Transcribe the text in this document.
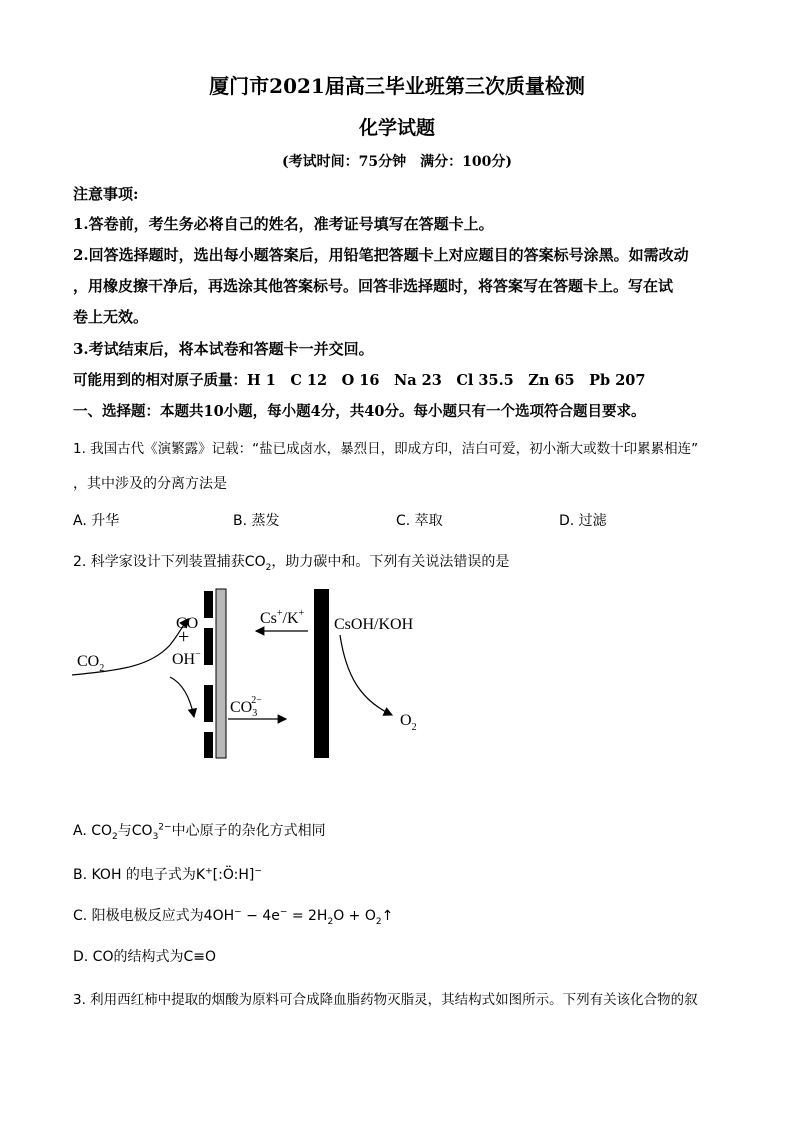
厦门市2021届高三毕业班第三次质量检测
化学试题
(考试时间：75分钟　满分：100分)
注意事项:
1.答卷前，考生务必将自己的姓名，准考证号填写在答题卡上。
2.回答选择题时，选出每小题答案后，用铅笔把答题卡上对应题目的答案标号涂黑。如需改动
，用橡皮擦干净后，再选涂其他答案标号。回答非选择题时，将答案写在答题卡上。写在试
卷上无效。
3.考试结束后，将本试卷和答题卡一并交回。
可能用到的相对原子质量：H 1　C 12　O 16　Na 23　Cl 35.5　Zn 65　Pb 207
一、选择题：本题共10小题，每小题4分，共40分。每小题只有一个选项符合题目要求。
1. 我国古代《演繁露》记载：“盐已成卤水，暴烈日，即成方印，洁白可爱，初小渐大或数十印累累相连”
，其中涉及的分离方法是
A. 升华	B. 蒸发	C. 萃取	D. 过滤
2. 科学家设计下列装置捕获$CO_2$，助力碳中和。下列有关说法错误的是
CO
+
OH−
$CO_2$
$CO_32-$
Cs+/K+
CsOH/KOH
$O_2$
A. $CO_2$与$CO_3^{2-}$中心原子的杂化方式相同
B. KOH 的电子式为K+[:Ö:H]−
C. 阳极电极反应式为$4OH^- - 4e^- = 2H_2O$ + $O_2↑$
D. CO的结构式为C≡O
3. 利用西红柿中提取的烟酸为原料可合成降血脂药物灭脂灵，其结构式如图所示。下列有关该化合物的叙
